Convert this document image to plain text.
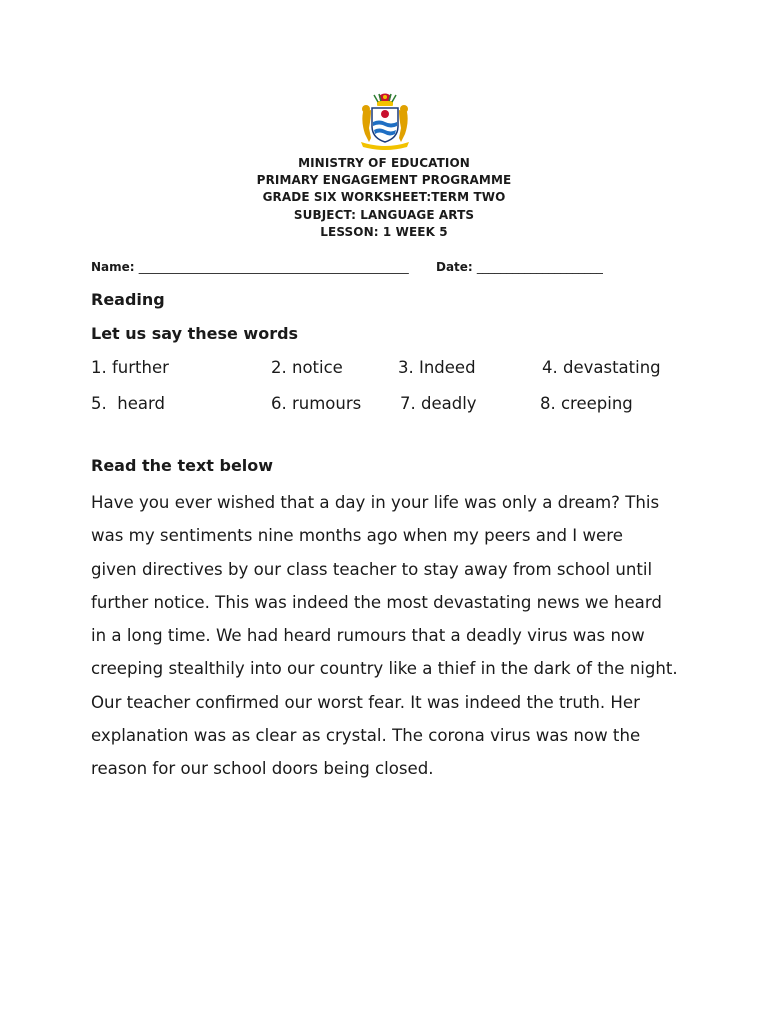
MINISTRY OF EDUCATION
PRIMARY ENGAGEMENT PROGRAMME
GRADE SIX WORKSHEET:TERM TWO
SUBJECT: LANGUAGE ARTS
LESSON: 1 WEEK 5
Name: _____________________________________________ Date: _____________________
Reading
Let us say these words
1. further	2. notice	3. Indeed	4. devastating
5.  heard	6. rumours 7. deadly	8. creeping
Read the text below

Have you ever wished that a day in your life was only a dream? This
was my sentiments nine months ago when my peers and I were
given directives by our class teacher to stay away from school until
further notice. This was indeed the most devastating news we heard
in a long time. We had heard rumours that a deadly virus was now
creeping stealthily into our country like a thief in the dark of the night.
Our teacher confirmed our worst fear. It was indeed the truth. Her
explanation was as clear as crystal. The corona virus was now the
reason for our school doors being closed.
